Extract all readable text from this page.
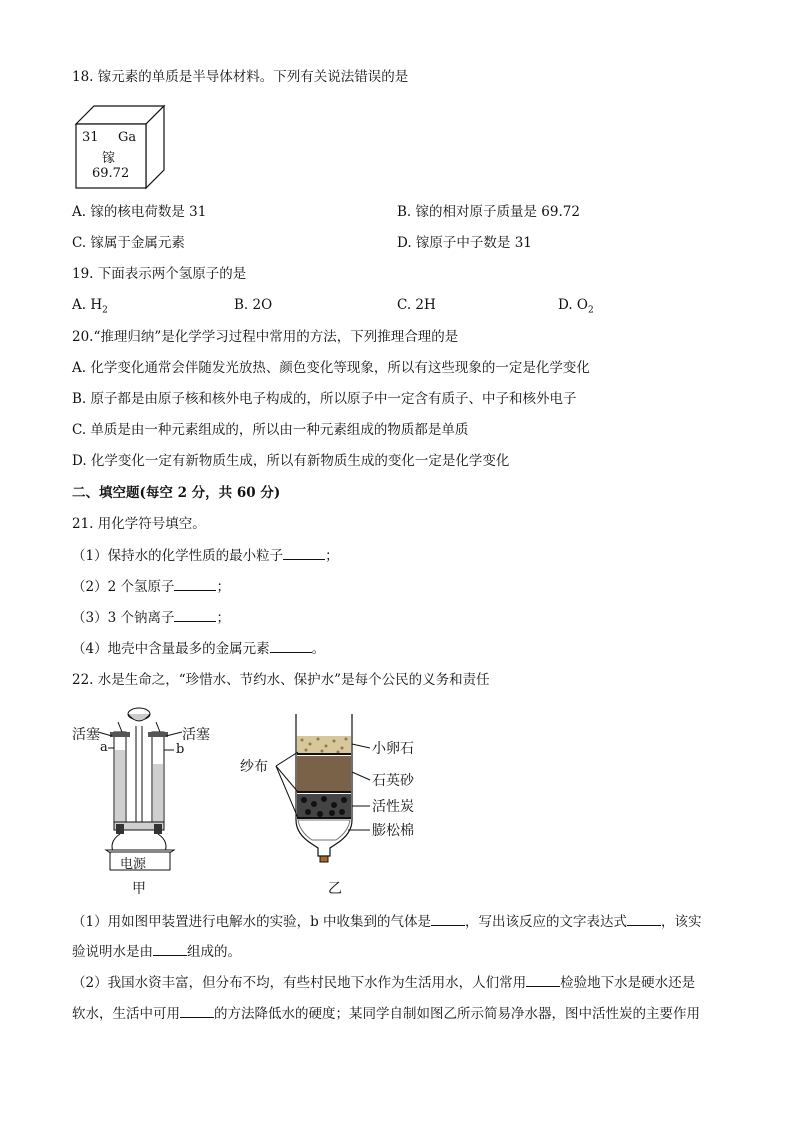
18. 镓元素的单质是半导体材料。下列有关说法错误的是
31 Ga
镓
69.72
A. 镓的核电荷数是 31	B. 镓的相对原子质量是 69.72
C. 镓属于金属元素	D. 镓原子中子数是 31
19. 下面表示两个氢原子的是
A. $H_2$	B. 2O	C. 2H	D. $O_2$
20.“推理归纳”是化学学习过程中常用的方法，下列推理合理的是
A. 化学变化通常会伴随发光放热、颜色变化等现象，所以有这些现象的一定是化学变化
B. 原子都是由原子核和核外电子构成的，所以原子中一定含有质子、中子和核外电子
C. 单质是由一种元素组成的，所以由一种元素组成的物质都是单质
D. 化学变化一定有新物质生成，所以有新物质生成的变化一定是化学变化
二、填空题(每空 2 分，共 60 分)
21. 用化学符号填空。
（1）保持水的化学性质的最小粒子	；
（2）2 个氢原子	；
（3）3 个钠离子	；
（4）地壳中含量最多的金属元素	。
22. 水是生命之，“珍惜水、节约水、保护水”是每个公民的义务和责任
活塞	活塞
a	b
电源
甲
纱布
小卵石
石英砂
活性炭
膨松棉
乙
（1）用如图甲装置进行电解水的实验，b 中收集到的气体是	，写出该反应的文字表达式	，该实
验说明水是由	组成的。
（2）我国水资丰富，但分布不均，有些村民地下水作为生活用水，人们常用	检验地下水是硬水还是
软水，生活中可用	的方法降低水的硬度；某同学自制如图乙所示简易净水器，图中活性炭的主要作用
